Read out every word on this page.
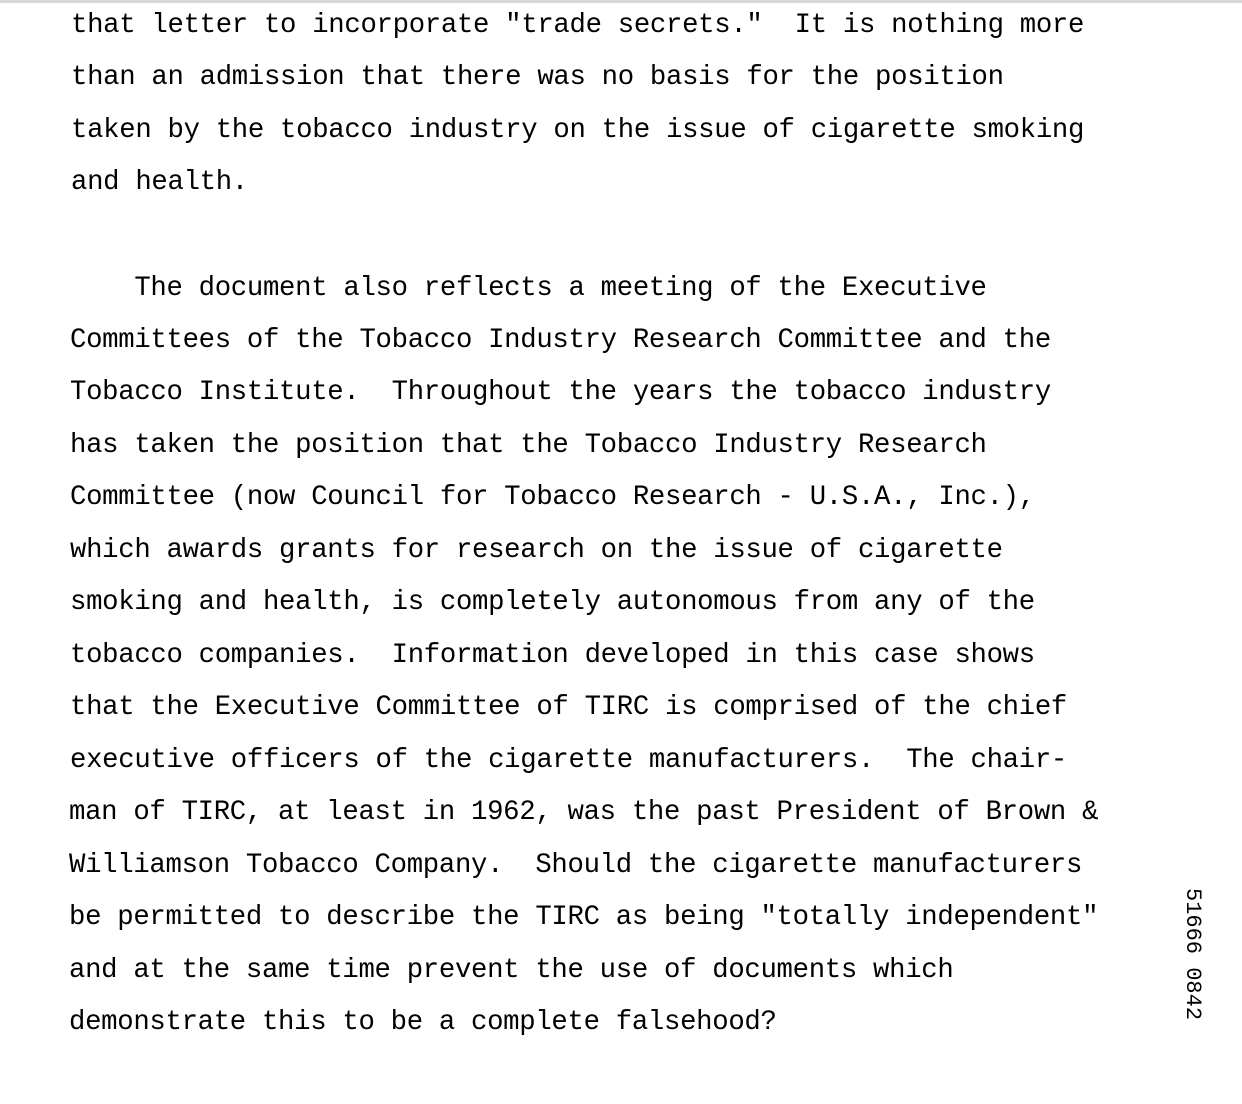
that letter to incorporate "trade secrets."  It is nothing more
than an admission that there was no basis for the position
taken by the tobacco industry on the issue of cigarette smoking
and health.
The document also reflects a meeting of the Executive
Committees of the Tobacco Industry Research Committee and the
Tobacco Institute.  Throughout the years the tobacco industry
has taken the position that the Tobacco Industry Research
Committee (now Council for Tobacco Research - U.S.A., Inc.),
which awards grants for research on the issue of cigarette
smoking and health, is completely autonomous from any of the
tobacco companies.  Information developed in this case shows
that the Executive Committee of TIRC is comprised of the chief
executive officers of the cigarette manufacturers.  The chair-
man of TIRC, at least in 1962, was the past President of Brown &
Williamson Tobacco Company.  Should the cigarette manufacturers
be permitted to describe the TIRC as being "totally independent"
and at the same time prevent the use of documents which
demonstrate this to be a complete falsehood?
51666 0842
